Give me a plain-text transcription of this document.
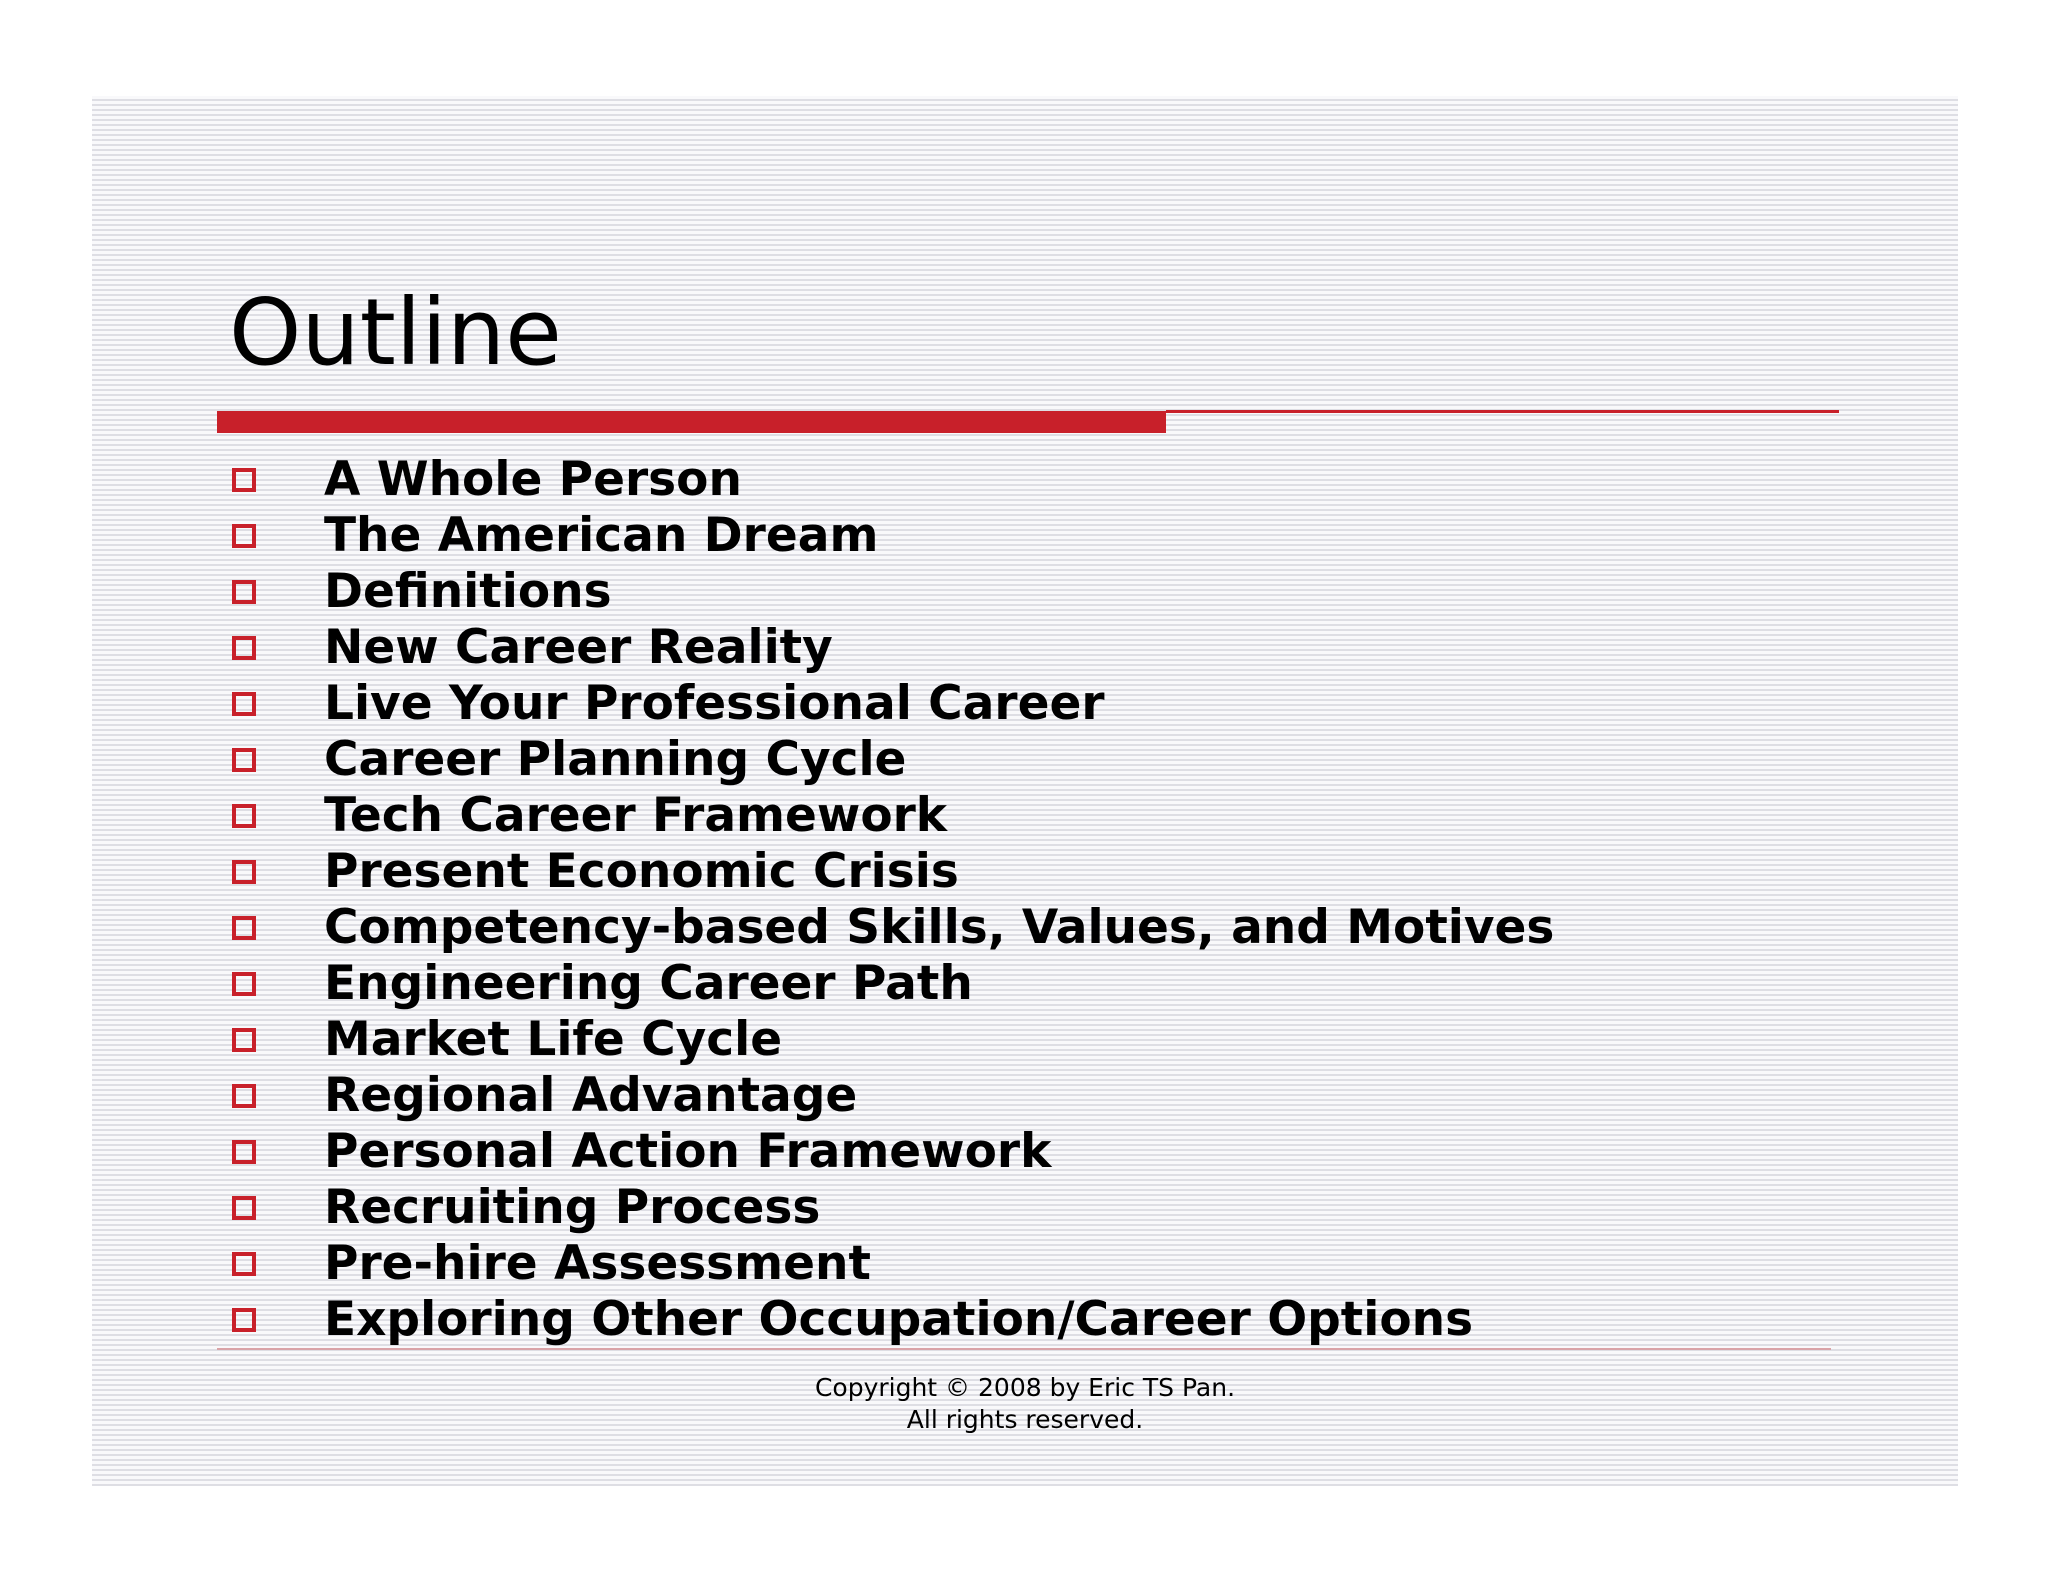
Outline
A Whole Person
The American Dream
Definitions
New Career Reality
Live Your Professional Career
Career Planning Cycle
Tech Career Framework
Present Economic Crisis
Competency-based Skills, Values, and Motives
Engineering Career Path
Market Life Cycle
Regional Advantage
Personal Action Framework
Recruiting Process
Pre-hire Assessment
Exploring Other Occupation/Career Options
Copyright © 2008 by Eric TS Pan.
All rights reserved.
